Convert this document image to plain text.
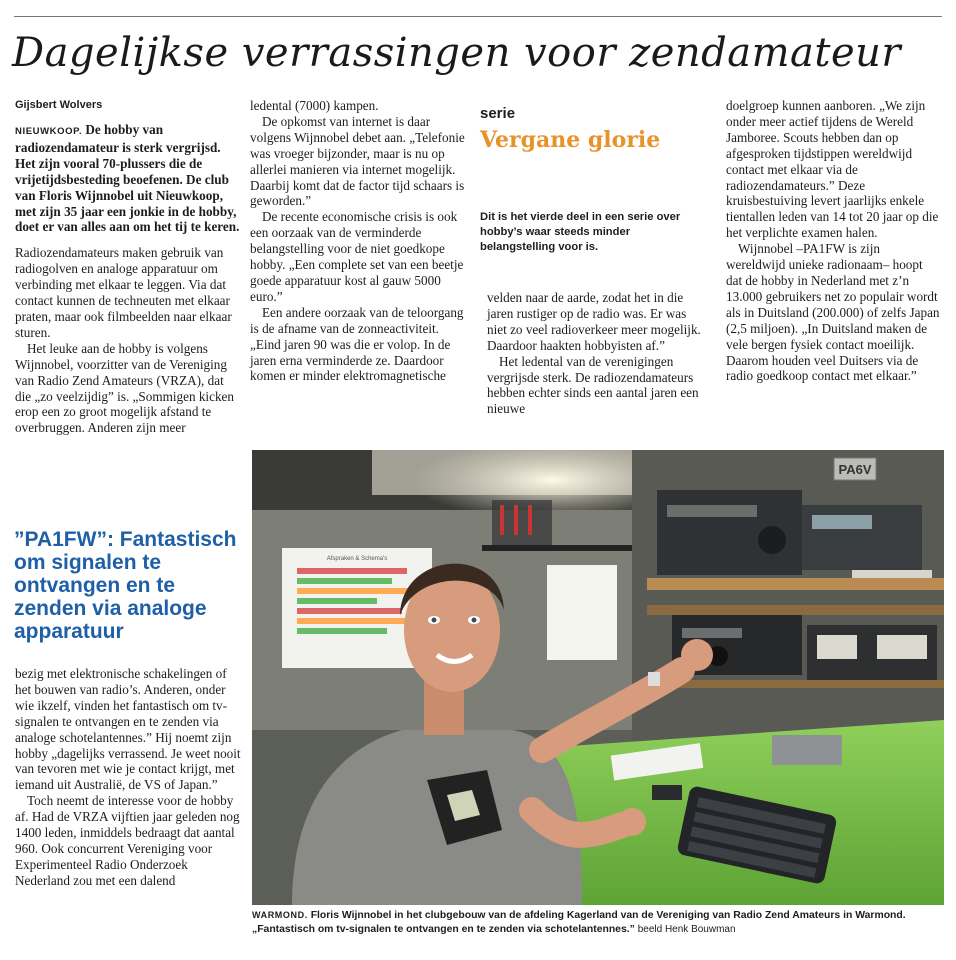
Dagelijkse verrassingen voor zendamateur
Gijsbert Wolvers

NIEUWKOOP. De hobby van radiozendamateur is sterk vergrijsd. Het zijn vooral 70-plussers die de vrijetijdsbesteding beoefenen. De club van Floris Wijnnobel uit Nieuwkoop, met zijn 35 jaar een jonkie in de hobby, doet er van alles aan om het tij te keren.

Radiozendamateurs maken gebruik van radiogolven en analoge apparatuur om verbinding met elkaar te leggen. Via dat contact kunnen de techneuten met elkaar praten, maar ook filmbeelden naar elkaar sturen.

Het leuke aan de hobby is volgens Wijnnobel, voorzitter van de Vereniging van Radio Zend Amateurs (VRZA), dat die „zo veelzijdig” is. „Sommigen kicken erop een zo groot mogelijk afstand te overbruggen. Anderen zijn meer

”PA1FW”: Fantastisch om signalen te ontvangen en te zenden via analoge apparatuur

bezig met elektronische schakelingen of het bouwen van radio’s. Anderen, onder wie ikzelf, vinden het fantastisch om tv-signalen te ontvangen en te zenden via analoge schotelantennes.” Hij noemt zijn hobby „dagelijks verrassend. Je weet nooit van tevoren met wie je contact krijgt, met iemand uit Australië, de VS of Japan.”

Toch neemt de interesse voor de hobby af. Had de VRZA vijftien jaar geleden nog 1400 leden, inmiddels bedraagt dat aantal 960. Ook concurrent Vereniging voor Experimenteel Radio Onderzoek Nederland zou met een dalend

ledental (7000) kampen.

De opkomst van internet is daar volgens Wijnnobel debet aan. „Telefonie was vroeger bijzonder, maar is nu op allerlei manieren via internet mogelijk. Daarbij komt dat de factor tijd schaars is geworden.”

De recente economische crisis is ook een oorzaak van de verminderde belangstelling voor de niet goedkope hobby. „Een complete set van een beetje goede apparatuur kost al gauw 5000 euro.”

Een andere oorzaak van de teloorgang is de afname van de zonneactiviteit. „Eind jaren 90 was die er volop. In de jaren erna verminderde ze. Daardoor komen er minder elektromagnetische

serie
Vergane glorie

Dit is het vierde deel in een serie over hobby’s waar steeds minder belangstelling voor is.

velden naar de aarde, zodat het in die jaren rustiger op de radio was. Er was niet zo veel radioverkeer meer mogelijk. Daardoor haakten hobbyisten af.”

Het ledental van de verenigingen vergrijsde sterk. De radiozendamateurs hebben echter sinds een aantal jaren een nieuwe

doelgroep kunnen aanboren. „We zijn onder meer actief tijdens de Wereld Jamboree. Scouts hebben dan op afgesproken tijdstippen wereldwijd contact met elkaar via de radiozendamateurs.” Deze kruisbestuiving levert jaarlijks enkele tientallen leden van 14 tot 20 jaar op die het verplichte examen halen.

Wijnnobel –PA1FW is zijn wereldwijd unieke radionaam– hoopt dat de hobby in Nederland met z’n 13.000 gebruikers net zo populair wordt als in Duitsland (200.000) of zelfs Japan (2,5 miljoen). „In Duitsland maken de vele bergen fysiek contact moeilijk. Daarom houden veel Duitsers via de radio goedkoop contact met elkaar.”

Afspraken & Schema's
PA6V
WARMOND. Floris Wijnnobel in het clubgebouw van de afdeling Kagerland van de Vereniging van Radio Zend Amateurs in Warmond. „Fantastisch om tv-signalen te ontvangen en te zenden via schotelantennes.” beeld Henk Bouwman
